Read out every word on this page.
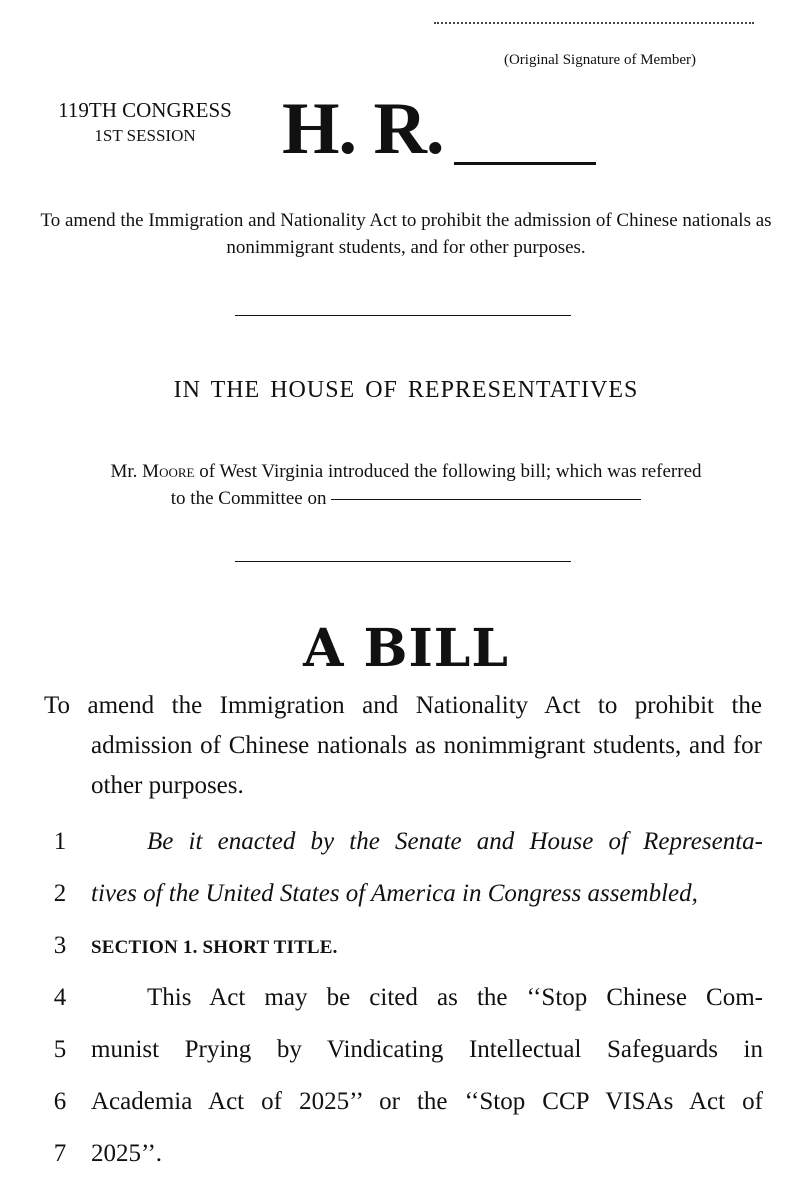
(Original Signature of Member)
119TH CONGRESS
1ST SESSION	H. R.
To amend the Immigration and Nationality Act to prohibit the admission of Chinese nationals as nonimmigrant students, and for other purposes.
IN THE HOUSE OF REPRESENTATIVES
Mr. Moore of West Virginia introduced the following bill; which was referred
to the Committee on
A BILL
To amend the Immigration and Nationality Act to prohibit the admission of Chinese nationals as nonimmigrant students, and for other purposes.
1	Be it enacted by the Senate and House of Representa-
2 tives of the United States of America in Congress assembled,
3	SECTION 1. SHORT TITLE.
4	This Act may be cited as the ‘‘Stop Chinese Com-
5 munist Prying by Vindicating Intellectual Safeguards in
6 Academia Act of 2025’’ or the ‘‘Stop CCP VISAs Act of
7 2025’’.
